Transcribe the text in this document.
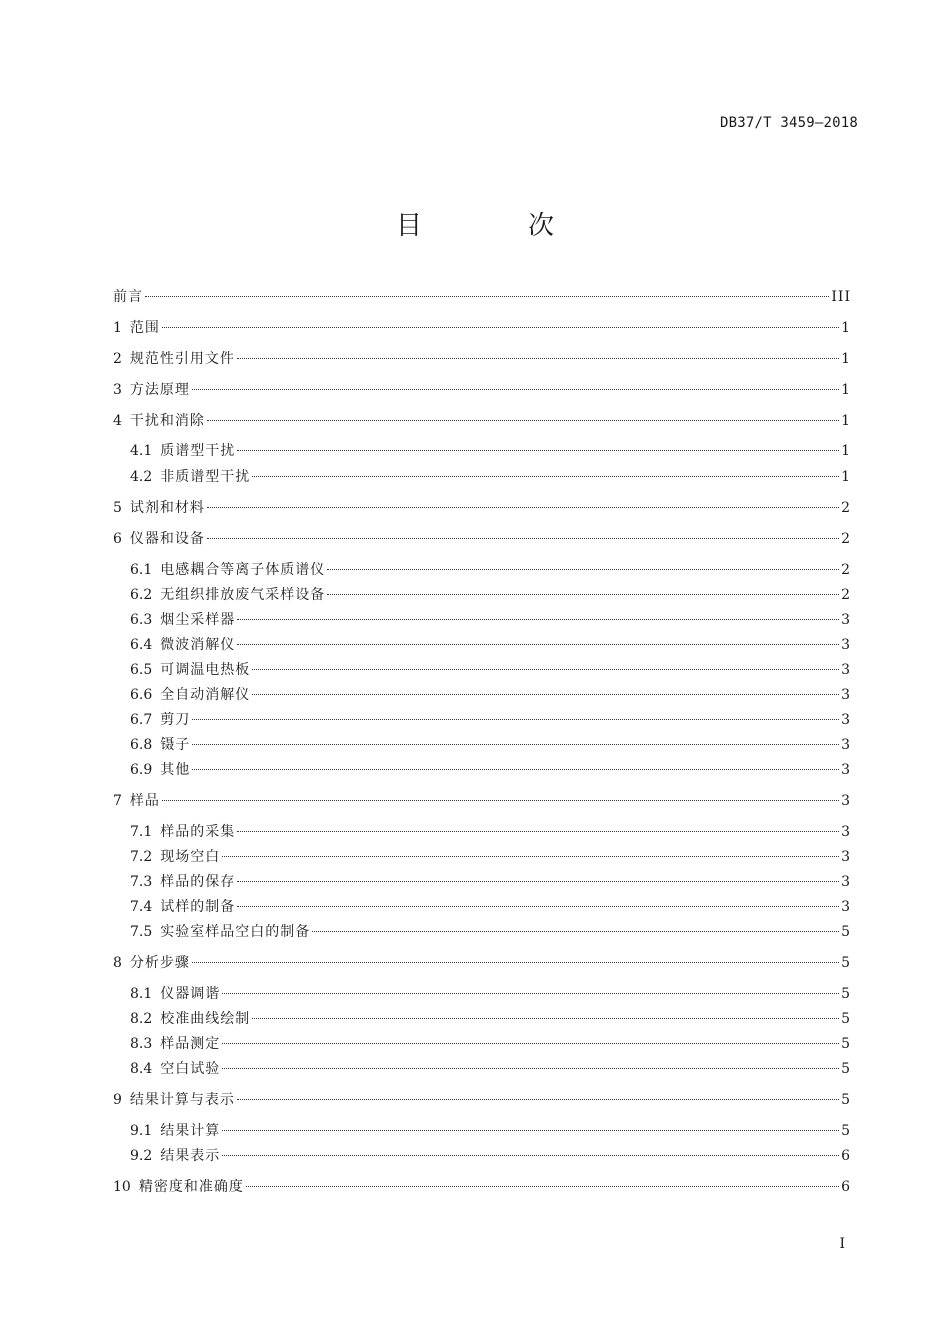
DB37/T 3459—2018
目　次
前言	III
1 范围	1
2 规范性引用文件	1
3 方法原理	1
4 干扰和消除	1
4.1 质谱型干扰	1
4.2 非质谱型干扰	1
5 试剂和材料	2
6 仪器和设备	2
6.1 电感耦合等离子体质谱仪	2
6.2 无组织排放废气采样设备	2
6.3 烟尘采样器	3
6.4 微波消解仪	3
6.5 可调温电热板	3
6.6 全自动消解仪	3
6.7 剪刀	3
6.8 镊子	3
6.9 其他	3
7 样品	3
7.1 样品的采集	3
7.2 现场空白	3
7.3 样品的保存	3
7.4 试样的制备	3
7.5 实验室样品空白的制备	5
8 分析步骤	5
8.1 仪器调谐	5
8.2 校准曲线绘制	5
8.3 样品测定	5
8.4 空白试验	5
9 结果计算与表示	5
9.1 结果计算	5
9.2 结果表示	6
10 精密度和准确度	6
I
